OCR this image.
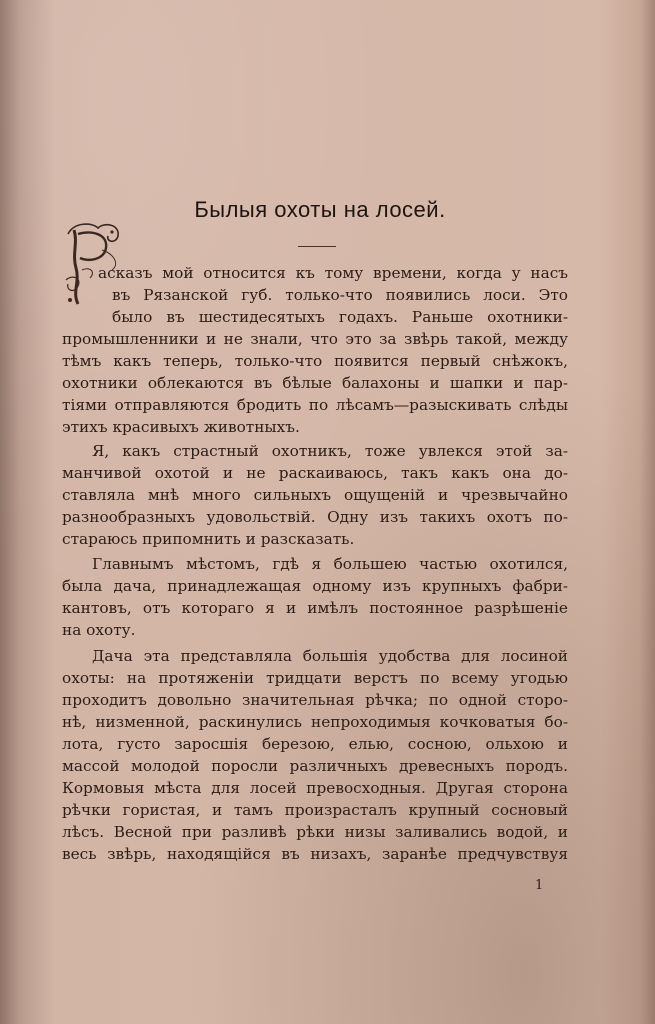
Былыя охоты на лосей.
асказъ мой относится къ тому времени, когда у насъ
въ Рязанской губ. только-что появились лоси. Это
было въ шестидесятыхъ годахъ. Раньше охотники-
промышленники и не знали, что это за звѣрь такой, между
тѣмъ какъ теперь, только-что появится первый снѣжокъ,
охотники облекаются въ бѣлые балахоны и шапки и пар-
тіями отправляются бродить по лѣсамъ—разыскивать слѣды
этихъ красивыхъ животныхъ.
Я, какъ страстный охотникъ, тоже увлекся этой за-
манчивой охотой и не раскаиваюсь, такъ какъ она до-
ставляла мнѣ много сильныхъ ощущеній и чрезвычайно
разнообразныхъ удовольствій. Одну изъ такихъ охотъ по-
стараюсь припомнить и разсказать.
Главнымъ мѣстомъ, гдѣ я большею частью охотился,
была дача, принадлежащая одному изъ крупныхъ фабри-
кантовъ, отъ котораго я и имѣлъ постоянное разрѣшеніе
на охоту.
Дача эта представляла большія удобства для лосиной
охоты: на протяженіи тридцати верстъ по всему угодью
проходитъ довольно значительная рѣчка; по одной сторо-
нѣ, низменной, раскинулись непроходимыя кочковатыя бо-
лота, густо заросшія березою, елью, сосною, ольхою и
массой молодой поросли различныхъ древесныхъ породъ.
Кормовыя мѣста для лосей превосходныя. Другая сторона
рѣчки гористая, и тамъ произрасталъ крупный сосновый
лѣсъ. Весной при разливѣ рѣки низы заливались водой, и
весь звѣрь, находящійся въ низахъ, заранѣе предчувствуя
1
